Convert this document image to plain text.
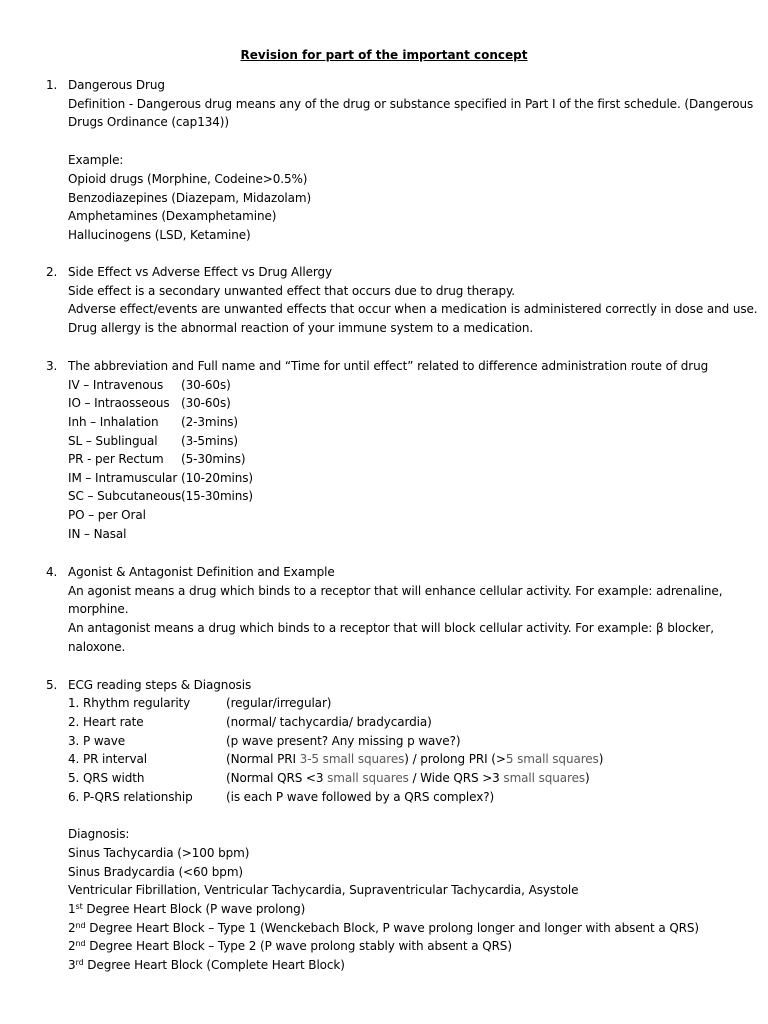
Revision for part of the important concept
1. Dangerous Drug
Definition - Dangerous drug means any of the drug or substance specified in Part I of the first schedule. (Dangerous
Drugs Ordinance (cap134))
Example:
Opioid drugs (Morphine, Codeine>0.5%)
Benzodiazepines (Diazepam, Midazolam)
Amphetamines (Dexamphetamine)
Hallucinogens (LSD, Ketamine)
2. Side Effect vs Adverse Effect vs Drug Allergy
Side effect is a secondary unwanted effect that occurs due to drug therapy.
Adverse effect/events are unwanted effects that occur when a medication is administered correctly in dose and use.
Drug allergy is the abnormal reaction of your immune system to a medication.
3. The abbreviation and Full name and “Time for until effect” related to difference administration route of drug
IV – Intravenous (30-60s)
IO – Intraosseous (30-60s)
Inh – Inhalation (2-3mins)
SL – Sublingual (3-5mins)
PR - per Rectum (5-30mins)
IM – Intramuscular (10-20mins)
SC – Subcutaneous (15-30mins)
PO – per Oral
IN – Nasal
4. Agonist & Antagonist Definition and Example
An agonist means a drug which binds to a receptor that will enhance cellular activity. For example: adrenaline,
morphine.
An antagonist means a drug which binds to a receptor that will block cellular activity. For example: β blocker,
naloxone.
5. ECG reading steps & Diagnosis
1. Rhythm regularity	(regular/irregular)
2. Heart rate	(normal/ tachycardia/ bradycardia)
3. P wave	(p wave present? Any missing p wave?)
4. PR interval	(Normal PRI 3-5 small squares) / prolong PRI (>5 small squares)
5. QRS width	(Normal QRS <3 small squares / Wide QRS >3 small squares)
6. P-QRS relationship	(is each P wave followed by a QRS complex?)
Diagnosis:
Sinus Tachycardia (>100 bpm)
Sinus Bradycardia (<60 bpm)
Ventricular Fibrillation, Ventricular Tachycardia, Supraventricular Tachycardia, Asystole
1st Degree Heart Block (P wave prolong)
2nd Degree Heart Block – Type 1 (Wenckebach Block, P wave prolong longer and longer with absent a QRS)
2nd Degree Heart Block – Type 2 (P wave prolong stably with absent a QRS)
3rd Degree Heart Block (Complete Heart Block)
